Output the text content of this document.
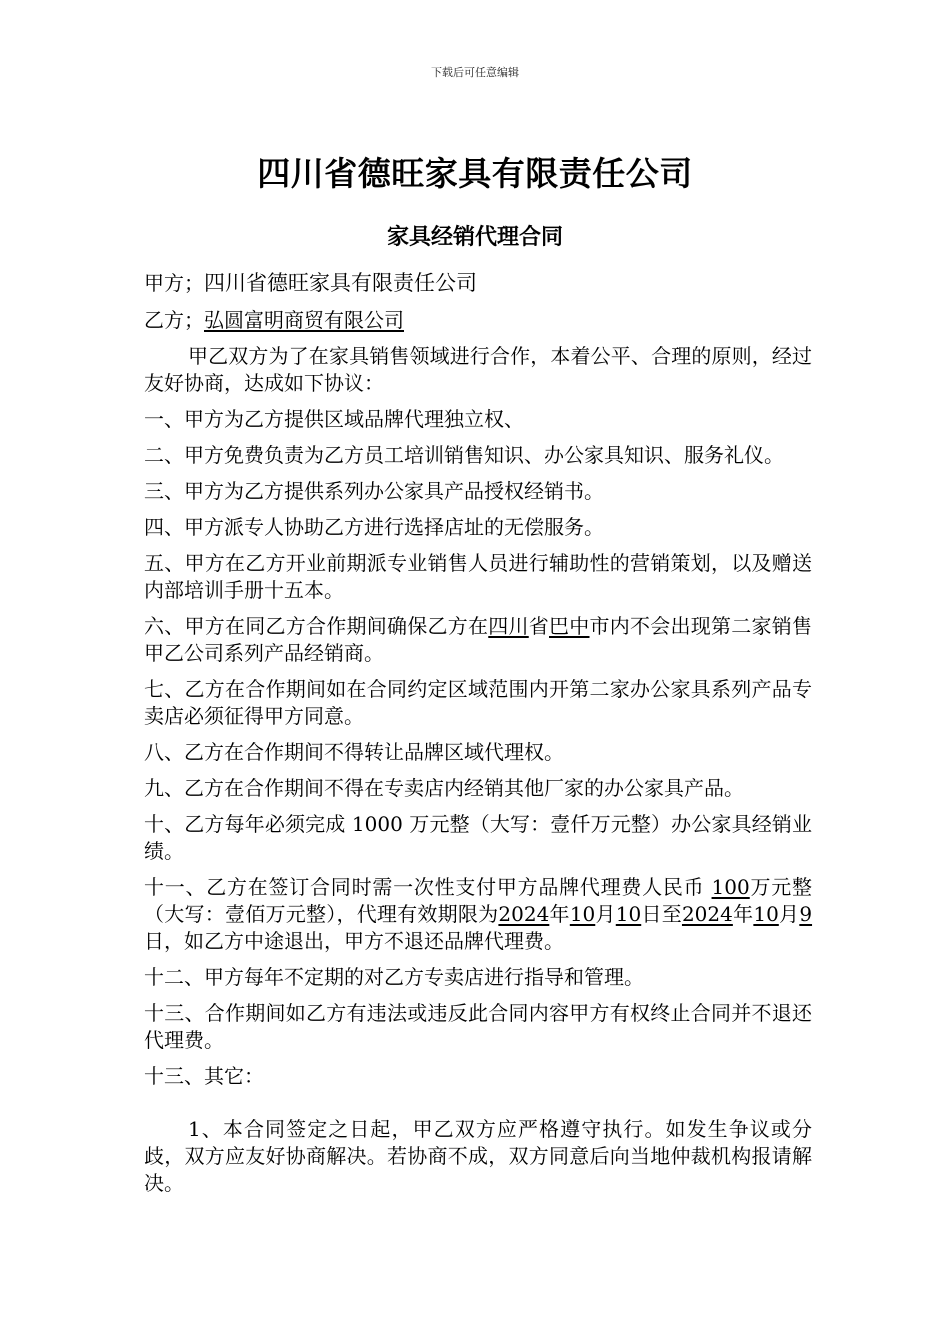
下载后可任意编辑
四川省德旺家具有限责任公司
家具经销代理合同

甲方；四川省德旺家具有限责任公司

乙方；弘圆富明商贸有限公司

甲乙双方为了在家具销售领域进行合作，本着公平、合理的原则，经过友好协商，达成如下协议：

一、甲方为乙方提供区域品牌代理独立权、

二、甲方免费负责为乙方员工培训销售知识、办公家具知识、服务礼仪。

三、甲方为乙方提供系列办公家具产品授权经销书。

四、甲方派专人协助乙方进行选择店址的无偿服务。

五、甲方在乙方开业前期派专业销售人员进行辅助性的营销策划，以及赠送内部培训手册十五本。

六、甲方在同乙方合作期间确保乙方在四川省巴中市内不会出现第二家销售甲乙公司系列产品经销商。

七、乙方在合作期间如在合同约定区域范围内开第二家办公家具系列产品专卖店必须征得甲方同意。

八、乙方在合作期间不得转让品牌区域代理权。

九、乙方在合作期间不得在专卖店内经销其他厂家的办公家具产品。

十、乙方每年必须完成 1000 万元整（大写：壹仟万元整）办公家具经销业绩。

十一、乙方在签订合同时需一次性支付甲方品牌代理费人民币 100万元整（大写：壹佰万元整），代理有效期限为2024年10月10日至2024年10月9日，如乙方中途退出，甲方不退还品牌代理费。

十二、甲方每年不定期的对乙方专卖店进行指导和管理。

十三、合作期间如乙方有违法或违反此合同内容甲方有权终止合同并不退还代理费。

十三、其它：

1、本合同签定之日起，甲乙双方应严格遵守执行。如发生争议或分歧，双方应友好协商解决。若协商不成，双方同意后向当地仲裁机构报请解决。
